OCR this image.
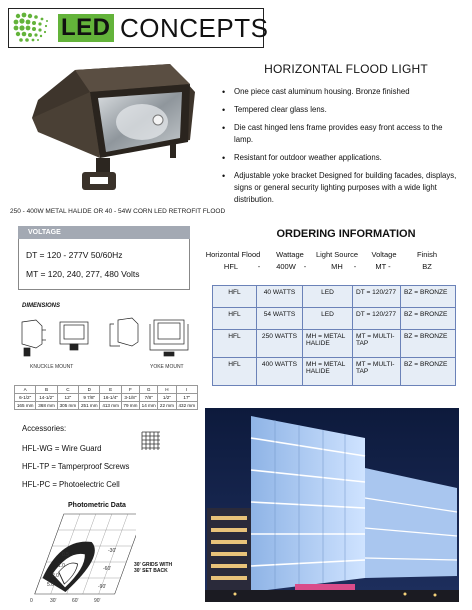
LED CONCEPTS
250 - 400W METAL HALIDE OR 40 - 54W CORN LED RETROFIT FLOOD
HORIZONTAL FLOOD LIGHT
• One piece cast aluminum housing. Bronze finished
• Tempered clear glass lens.
• Die cast hinged lens frame provides easy front access to the lamp.
• Resistant for outdoor weather applications.
• Adjustable yoke bracket Designed for building facades, displays, signs or general security lighting purposes with a wide light distribution.
VOLTAGE
DT = 120 - 277V 50/60Hz
MT = 120, 240, 277, 480 Volts
ORDERING INFORMATION
Horizontal Flood	Wattage	Light Source	Voltage	Finish
HFL	-	400W	-	MH	-	MT -	BZ
HFL	40 WATTS	LED	DT = 120/277	BZ = BRONZE
HFL	54 WATTS	LED	DT = 120/277	BZ = BRONZE
HFL	250 WATTS	MH = METAL HALIDE	MT = MULTI-TAP	BZ = BRONZE
HFL	400 WATTS	MH = METAL HALIDE	MT = MULTI-TAP	BZ = BRONZE
DIMENSIONS
KNUCKLE MOUNT	YOKE MOUNT
A	B	C	D	E	F	G	H	I
6-1/2"	14-1/2"	12"	9 7/8"	16-1/4"	3-1/8"	7/8"	1/2"	17"
165 mm	368 mm	305 mm	251 mm	413 mm	79 mm	14 mm	22 mm	432 mm
Accessories:
HFL-WG = Wire Guard
HFL-TP = Tamperproof Screws
HFL-PC = Photoelectric Cell
Photometric Data
0.5
1.0
2.0
5.0
-30'
-60'
-90'
0	30'	60'	90'
30' GRIDS WITH
30' SET BACK
